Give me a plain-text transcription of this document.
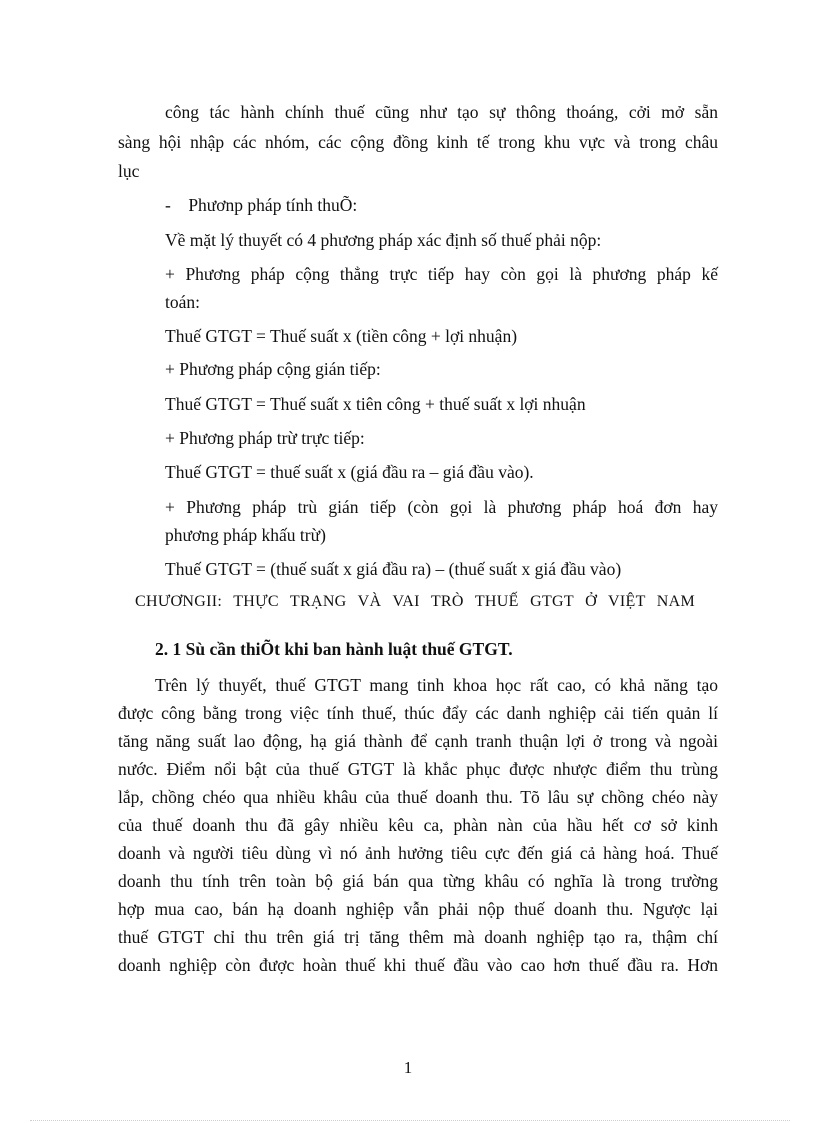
công tác hành chính thuế cũng như tạo sự thông thoáng, cởi mở sẵn
sàng hội nhập các nhóm, các cộng đồng kinh tế trong khu vực và trong châu
lục
-    Phươnp pháp tính thuÕ:
Về mặt lý thuyết có 4 phương pháp xác định số thuế phải nộp:
+ Phương pháp cộng thẳng trực tiếp hay còn gọi là phương pháp kế
toán:
Thuế GTGT = Thuế suất x (tiền công + lợi nhuận)
+ Phương pháp cộng gián tiếp:
Thuế GTGT = Thuế suất x tiên công + thuế suất x lợi nhuận
+ Phương pháp trừ trực tiếp:
Thuế GTGT = thuế suất x (giá đầu ra – giá đầu vào).
+ Phương pháp trù gián tiếp (còn gọi là phương pháp hoá đơn hay
phương pháp khấu trừ)
Thuế GTGT = (thuế suất x giá đầu ra) – (thuế suất x giá đầu vào)
CHƯƠNGII: THỰC TRẠNG VÀ VAI TRÒ THUẾ GTGT Ở VIỆT NAM
2. 1 Sù cần thiÕt khi ban hành luật thuế GTGT.
Trên lý thuyết, thuế GTGT mang tinh khoa học rất cao, có khả năng tạo
được công bằng trong việc tính thuế, thúc đẩy các danh nghiệp cải tiến quản lí
tăng năng suất lao động, hạ giá thành để cạnh tranh thuận lợi ở trong và ngoài
nước. Điểm nổi bật của thuế GTGT là khắc phục được nhược điểm thu trùng
lắp, chồng chéo qua nhiều khâu của thuế doanh thu. Tõ lâu sự chồng chéo này
của thuế doanh thu đã gây nhiều kêu ca, phàn nàn của hầu hết cơ sở kinh
doanh và người tiêu dùng vì nó ảnh hưởng tiêu cực đến giá cả hàng hoá. Thuế
doanh thu tính trên toàn bộ giá bán qua từng khâu có nghĩa là trong trường
hợp mua cao, bán hạ doanh nghiệp vẫn phải nộp thuế doanh thu. Ngược lại
thuế GTGT chỉ thu trên giá trị tăng thêm mà doanh nghiệp tạo ra, thậm chí
doanh nghiệp còn được hoàn thuế khi thuế đầu vào cao hơn thuế đầu ra. Hơn
1
